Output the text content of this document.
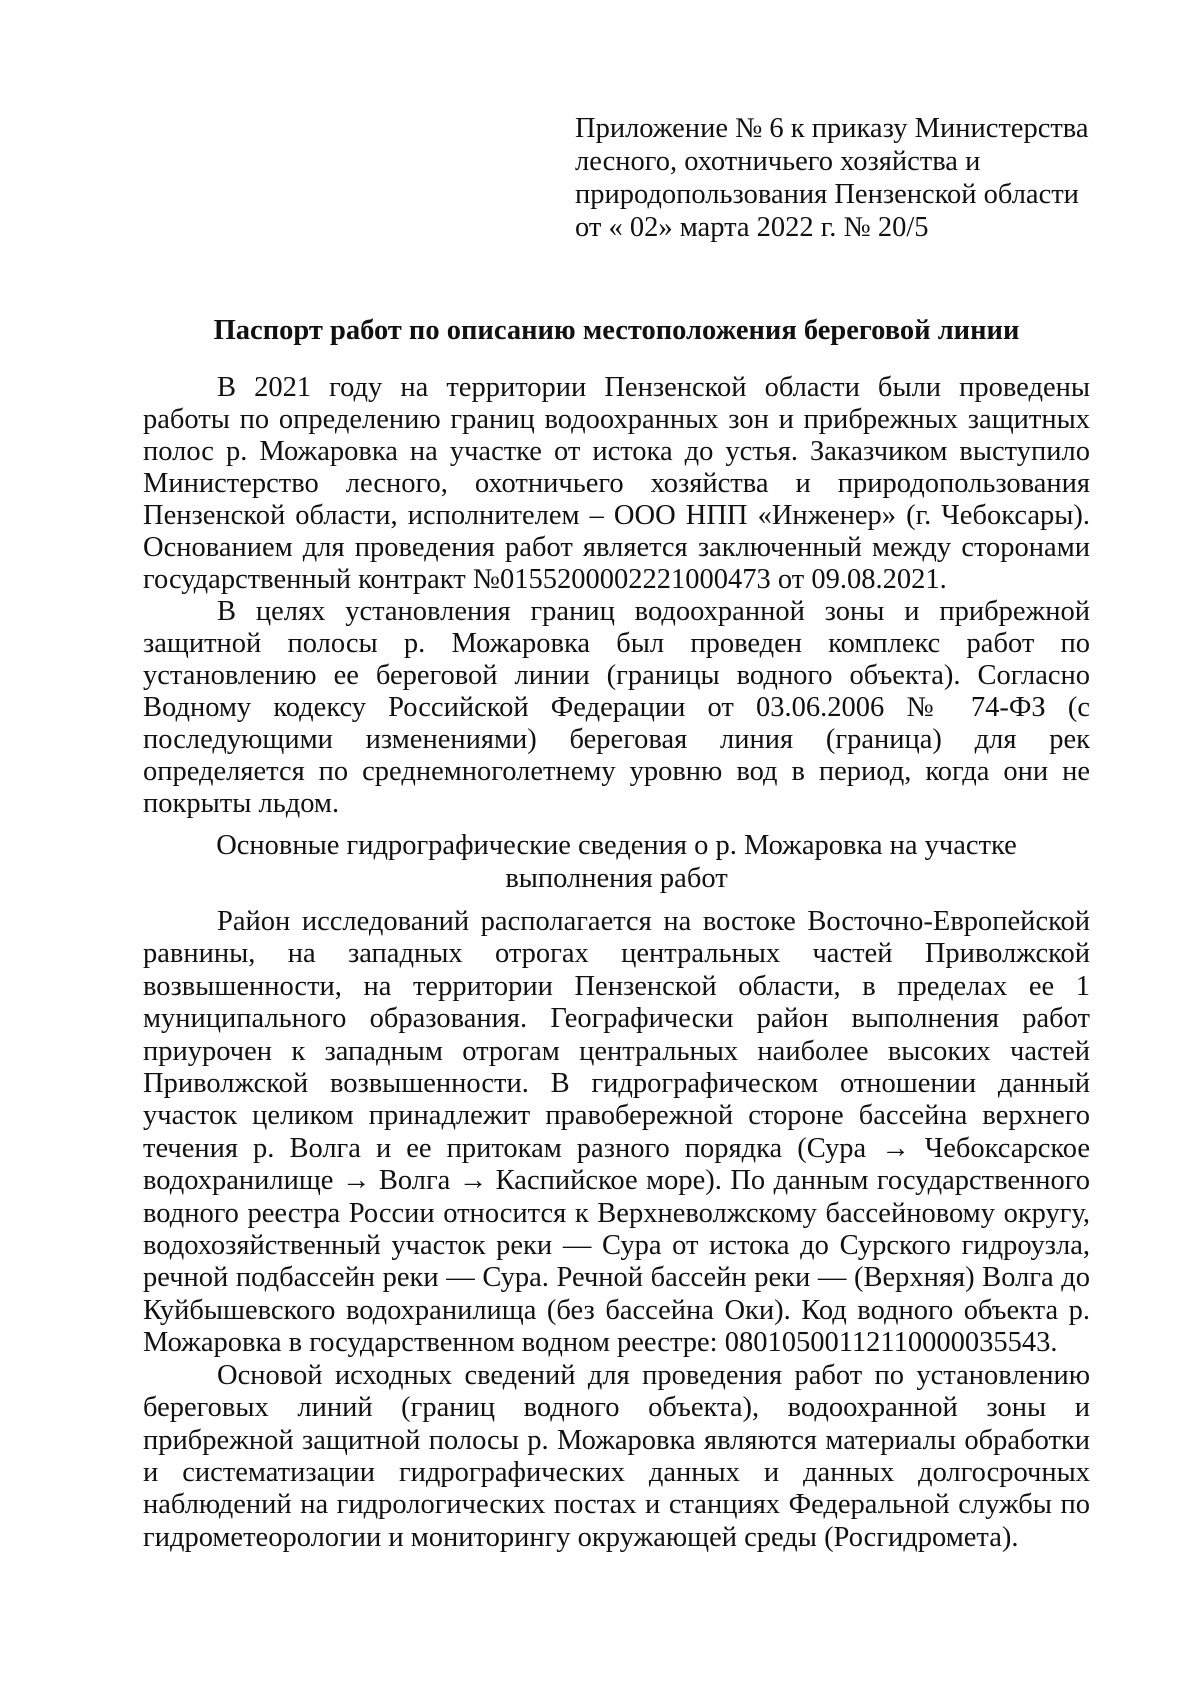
Приложение № 6 к приказу Министерства
лесного, охотничьего хозяйства и
природопользования Пензенской области
от « 02» марта 2022 г. № 20/5
Паспорт работ по описанию местоположения береговой линии

В 2021 году на территории Пензенской области были проведены работы по определению границ водоохранных зон и прибрежных защитных полос р. Можаровка на участке от истока до устья. Заказчиком выступило Министерство лесного, охотничьего хозяйства и природопользования Пензенской области, исполнителем – ООО НПП «Инженер» (г. Чебоксары). Основанием для проведения работ является заключенный между сторонами государственный контракт №0155200002221000473 от 09.08.2021.

В целях установления границ водоохранной зоны и прибрежной защитной полосы р. Можаровка был проведен комплекс работ по установлению ее береговой линии (границы водного объекта). Согласно Водному кодексу Российской Федерации от 03.06.2006 № 74-ФЗ (с последующими изменениями) береговая линия (граница) для рек определяется по среднемноголетнему уровню вод в период, когда они не покрыты льдом.

Основные гидрографические сведения о р. Можаровка на участке выполнения работ

Район исследований располагается на востоке Восточно-Европейской равнины, на западных отрогах центральных частей Приволжской возвышенности, на территории Пензенской области, в пределах ее 1 муниципального образования. Географически район выполнения работ приурочен к западным отрогам центральных наиболее высоких частей Приволжской возвышенности. В гидрографическом отношении данный участок целиком принадлежит правобережной стороне бассейна верхнего течения р. Волга и ее притокам разного порядка (Сура → Чебоксарское водохранилище → Волга → Каспийское море). По данным государственного водного реестра России относится к Верхневолжскому бассейновому округу, водохозяйственный участок реки — Сура от истока до Сурского гидроузла, речной подбассейн реки — Сура. Речной бассейн реки — (Верхняя) Волга до Куйбышевского водохранилища (без бассейна Оки). Код водного объекта р. Можаровка в государственном водном реестре: 08010500112110000035543.

Основой исходных сведений для проведения работ по установлению береговых линий (границ водного объекта), водоохранной зоны и прибрежной защитной полосы р. Можаровка являются материалы обработки и систематизации гидрографических данных и данных долгосрочных наблюдений на гидрологических постах и станциях Федеральной службы по гидрометеорологии и мониторингу окружающей среды (Росгидромета).
